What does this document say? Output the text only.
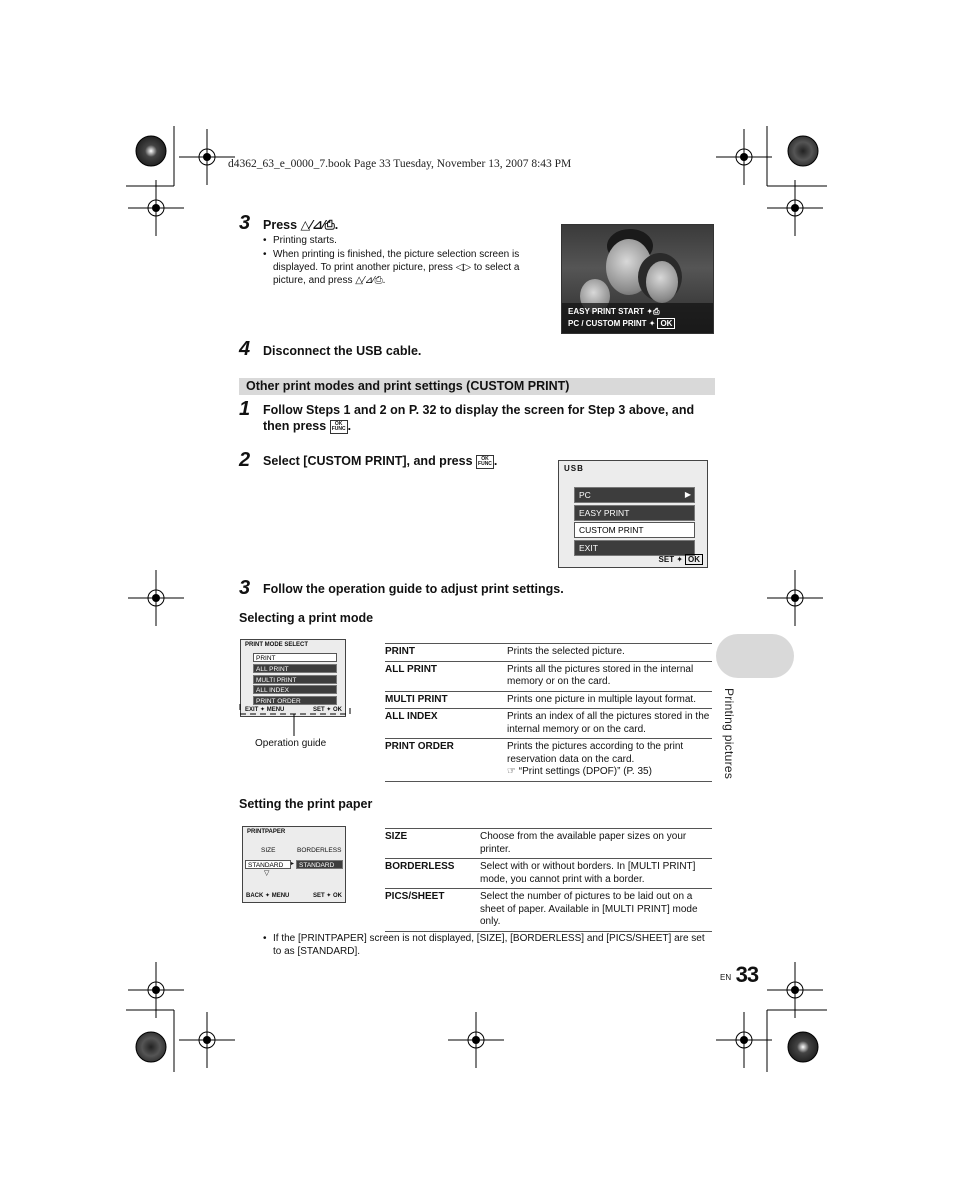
d4362_63_e_0000_7.book Page 33 Tuesday, November 13, 2007 8:43 PM
3 Press △⁄⊿⁄⎙.
• Printing starts.
• When printing is finished, the picture selection screen is displayed. To print another picture, press ◁▷ to select a picture, and press △⁄⊿⁄⎙.
EASY PRINT START ✦⎙
PC / CUSTOM PRINT ✦ OK
4 Disconnect the USB cable.
Other print modes and print settings (CUSTOM PRINT)
1 Follow Steps 1 and 2 on P. 32 to display the screen for Step 3 above, and then press OK
FUNC .
2 Select [CUSTOM PRINT], and press OK
FUNC .
USB
PC	▶
EASY PRINT
CUSTOM PRINT
EXIT
SET ✦ OK
3 Follow the operation guide to adjust print settings.
Selecting a print mode
PRINT MODE SELECT
PRINT
ALL PRINT
MULTI PRINT
ALL INDEX
PRINT ORDER
EXIT ✦ MENU	SET ✦ OK
Operation guide
PRINT	Prints the selected picture.
ALL PRINT	Prints all the pictures stored in the internal memory or on the card.
MULTI PRINT	Prints one picture in multiple layout format.
ALL INDEX	Prints an index of all the pictures stored in the internal memory or on the card.
PRINT ORDER	Prints the pictures according to the print reservation data on the card.
☞ “Print settings (DPOF)” (P. 35)
Setting the print paper
PRINTPAPER
SIZE	BORDERLESS
STANDARD	▸ STANDARD
▽
BACK ✦ MENU	SET ✦ OK
SIZE	Choose from the available paper sizes on your printer.
BORDERLESS	Select with or without borders. In [MULTI PRINT] mode, you cannot print with a border.
PICS/SHEET	Select the number of pictures to be laid out on a sheet of paper. Available in [MULTI PRINT] mode only.
• If the [PRINTPAPER] screen is not displayed, [SIZE], [BORDERLESS] and [PICS/SHEET] are set to as [STANDARD].
Printing pictures
EN 33
